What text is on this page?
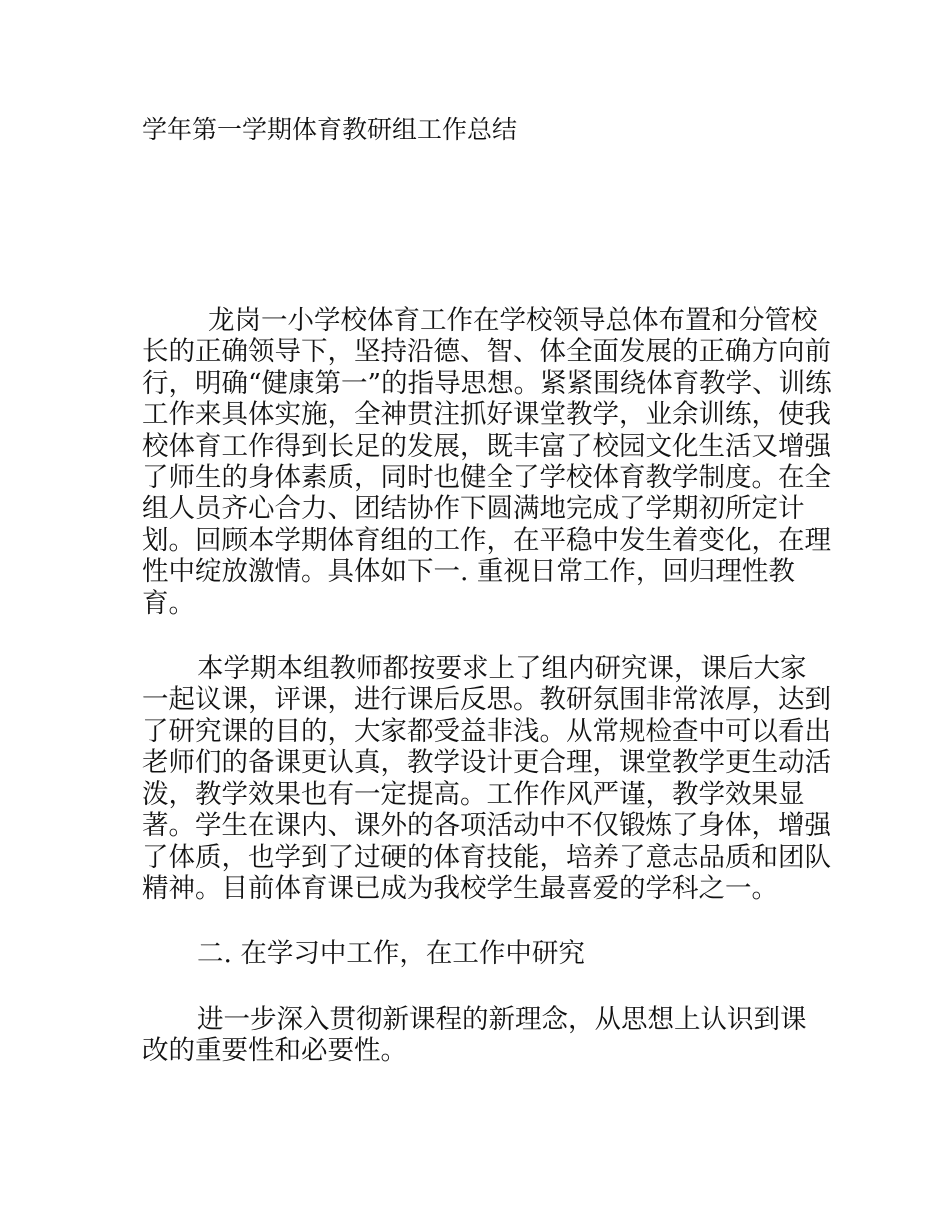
学年第一学期体育教研组工作总结

龙岗一小学校体育工作在学校领导总体布置和分管校长的正确领导下，坚持沿德、智、体全面发展的正确方向前行，明确“健康第一”的指导思想。紧紧围绕体育教学、训练工作来具体实施，全神贯注抓好课堂教学，业余训练，使我校体育工作得到长足的发展，既丰富了校园文化生活又增强了师生的身体素质，同时也健全了学校体育教学制度。在全组人员齐心合力、团结协作下圆满地完成了学期初所定计划。回顾本学期体育组的工作，在平稳中发生着变化，在理性中绽放激情。具体如下一. 重视日常工作，回归理性教育。

本学期本组教师都按要求上了组内研究课，课后大家一起议课，评课，进行课后反思。教研氛围非常浓厚，达到了研究课的目的，大家都受益非浅。从常规检查中可以看出老师们的备课更认真，教学设计更合理，课堂教学更生动活泼，教学效果也有一定提高。工作作风严谨，教学效果显著。学生在课内、课外的各项活动中不仅锻炼了身体，增强了体质，也学到了过硬的体育技能，培养了意志品质和团队精神。目前体育课已成为我校学生最喜爱的学科之一。

二. 在学习中工作，在工作中研究

进一步深入贯彻新课程的新理念，从思想上认识到课改的重要性和必要性。
